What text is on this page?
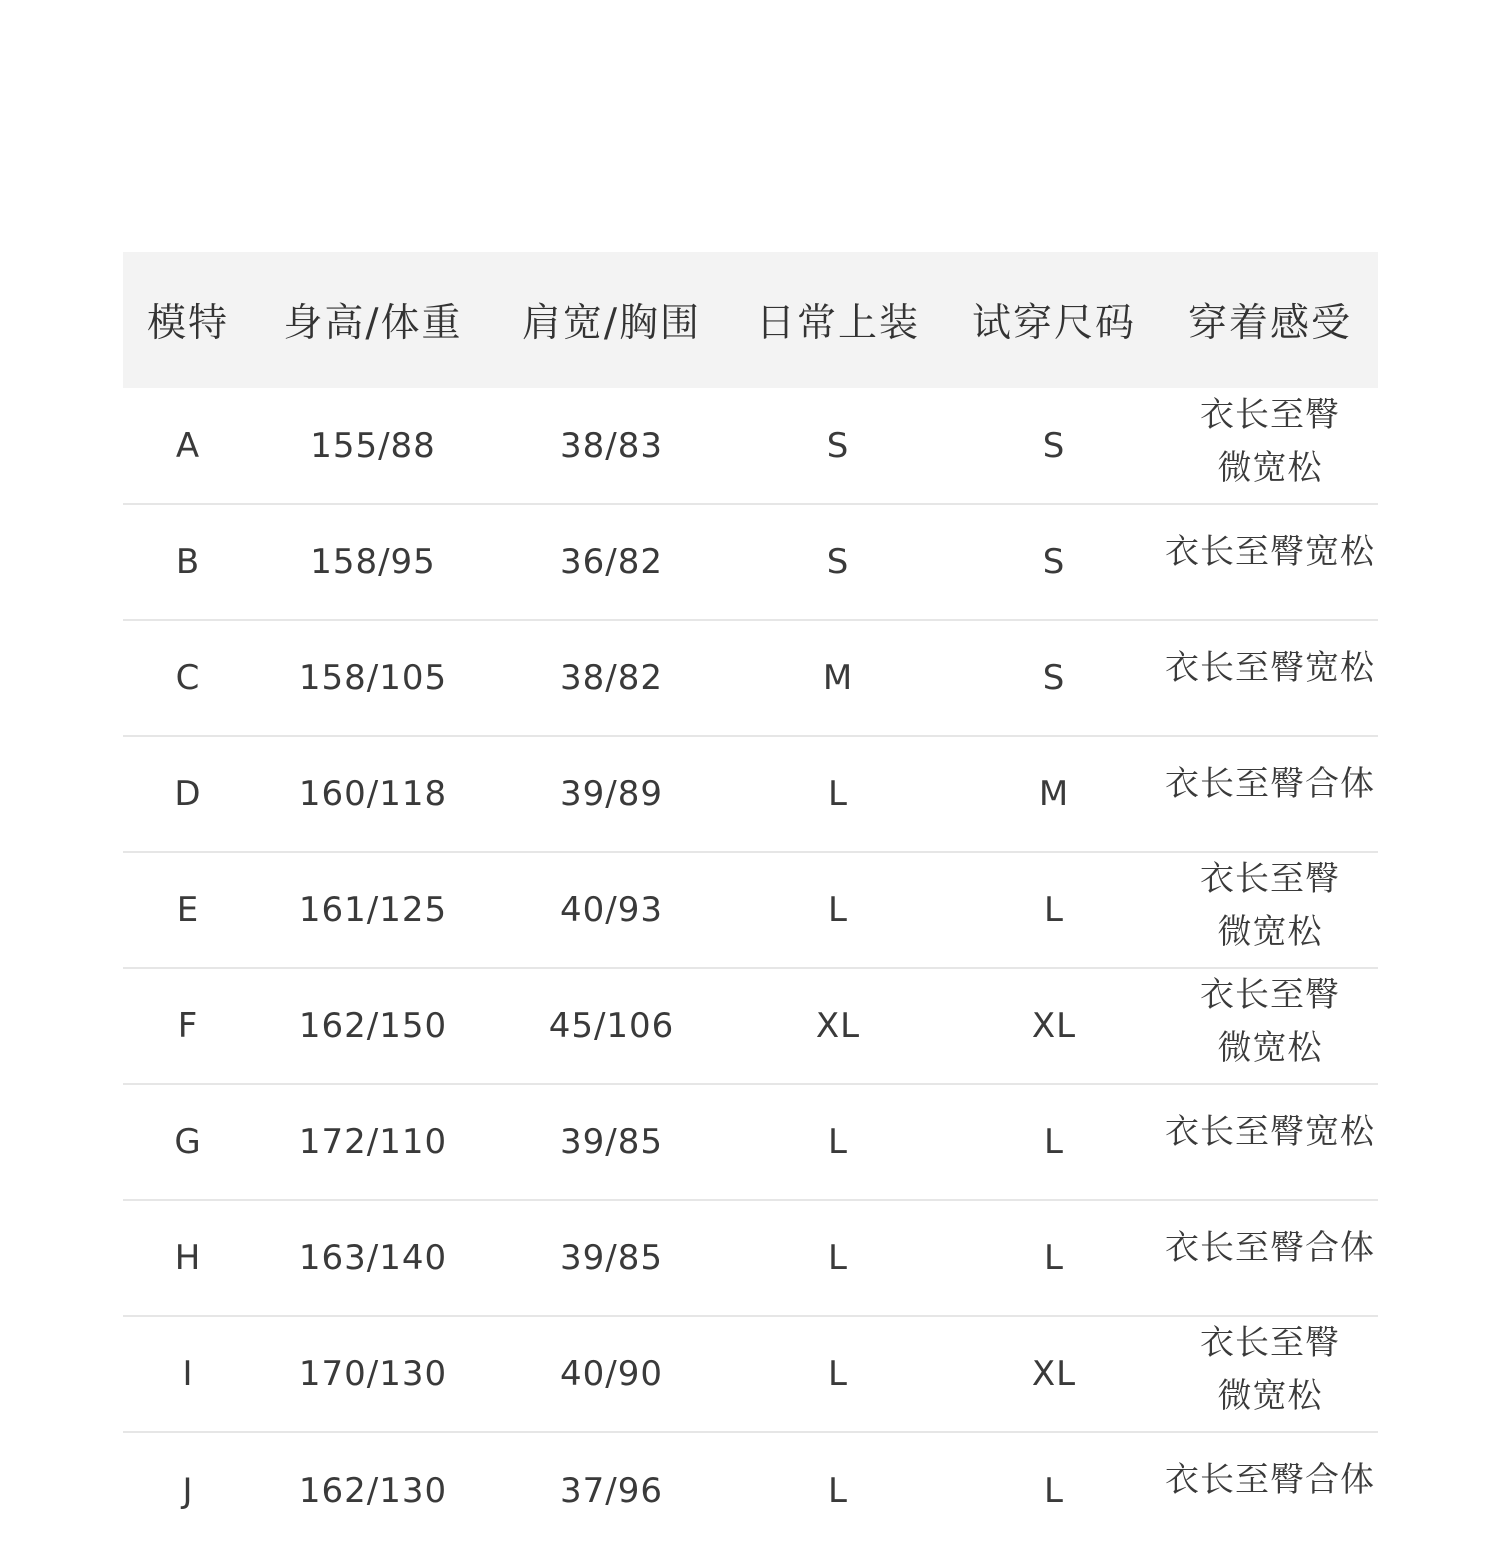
模特	身高/体重	肩宽/胸围	日常上装	试穿尺码	穿着感受
A	155/88	38/83	S	S	衣长至臀
微宽松
B	158/95	36/82	S	S	衣长至臀宽松
C	158/105	38/82	M	S	衣长至臀宽松
D	160/118	39/89	L	M	衣长至臀合体
E	161/125	40/93	L	L	衣长至臀
微宽松
F	162/150	45/106	XL	XL	衣长至臀
微宽松
G	172/110	39/85	L	L	衣长至臀宽松
H	163/140	39/85	L	L	衣长至臀合体
I	170/130	40/90	L	XL	衣长至臀
微宽松
J	162/130	37/96	L	L	衣长至臀合体
